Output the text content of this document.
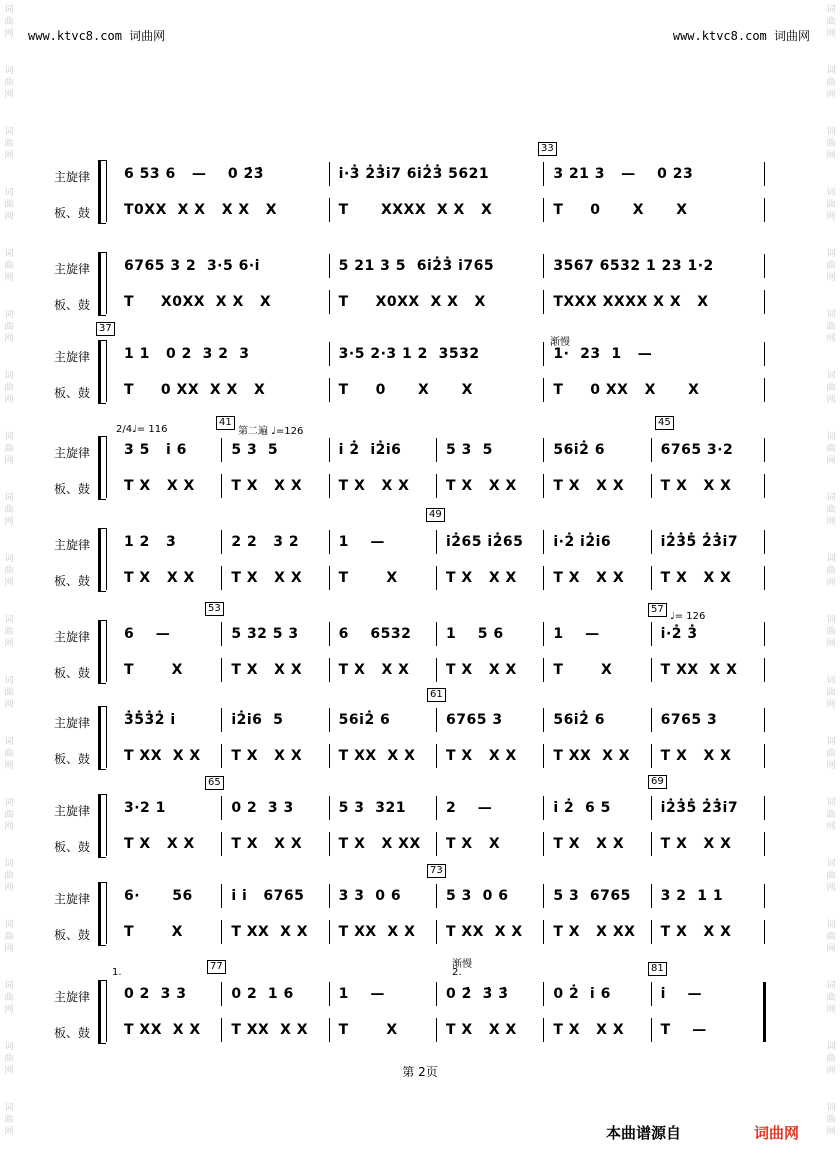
www.ktvc8.com 词曲网	www.ktvc8.com 词曲网
词
曲
网
词
曲
网
词
曲
网
词
曲
网
词
曲
网
词
曲
网
词
曲
网
词
曲
网
词
曲
网
词
曲
网
词
曲
网
词
曲
网
词
曲
网
词
曲
网
词
曲
网
词
曲
网
词
曲
网
词
曲
网
词
曲
网
词
曲
网
词
曲
网
词
曲
网
词
曲
网
词
曲
网
词
曲
网
词
曲
网
词
曲
网
词
曲
网
词
曲
网
词
曲
网
词
曲
网
词
曲
网
词
曲
网
词
曲
网
词
曲
网
词
曲
网
词
曲
网
词
曲
网
主旋律
板、鼓
6 53 6   —    0 2̇3̇
T0XX  X X   X X   X
i̇·3̇ 2̇3̇i̇7 6i̇2̇3̇ 5621
T      XXXX  X X   X
3 21 3   —    0 23
T     0      X      X
33
主旋律
板、鼓
6765 3 2  3·5 6·i̇
T     X0XX  X X   X
5 21 3 5  6i̇2̇3̇ i̇765
T     X0XX  X X   X
3567 6532 1 23 1·2
TXXX XXXX X X   X
主旋律
板、鼓
1 1   0 2  3 2  3
T     0 XX  X X   X
3·5 2·3 1 2  3532
T     0      X      X
1·  23  1   —
T     0 XX   X      X
37
主旋律
板、鼓
3 5   i̇ 6
T X   X X
5 3  5
T X   X X
i̇ 2̇  i̇2̇i̇6
T X   X X
5 3  5
T X   X X
56i̇2̇ 6
T X   X X
6765 3·2
T X   X X
41
主旋律
板、鼓
1 2   3
T X   X X
2 2   3 2
T X   X X
1    —
T       X
i̇2̇65 i̇2̇65
T X   X X
i̇·2̇ i̇2̇i̇6
T X   X X
i̇2̇3̇5̇ 2̇3̇i̇7
T X   X X
49
主旋律
板、鼓
6    —
T       X
5 32 5 3
T X   X X
6    6532
T X   X X
1    5 6
T X   X X
1    —
T       X
i̇·2̇ 3̇
T XX  X X
53
主旋律
板、鼓
3̇5̇3̇2̇ i̇
T XX  X X
i̇2̇i̇6  5
T X   X X
56i̇2̇ 6
T XX  X X
6765 3
T X   X X
56i̇2̇ 6
T XX  X X
6765 3
T X   X X
61
主旋律
板、鼓
3·2 1
T X   X X
0 2  3 3
T X   X X
5 3  321
T X   X XX
2    —
T X   X
i̇ 2̇  6 5
T X   X X
i̇2̇3̇5̇ 2̇3̇i̇7
T X   X X
65
主旋律
板、鼓
6·      56
T       X
i̇ i̇   6765
T XX  X X
3 3  0 6
T XX  X X
5 3  0 6
T XX  X X
5 3  6765
T X   X XX
3 2  1 1
T X   X X
73
主旋律
板、鼓
0 2  3 3
T XX  X X
0 2  1 6
T XX  X X
1    —
T       X
0 2̇  3̇ 3̇
T X   X X
0 2̇  i̇ 6
T X   X X
i̇    —
T    —
77
第 2页
本曲谱源自	词曲网
2/4♩= 116	第二遍 ♩=126
45
渐慢
57
♩= 126
69
渐慢
1.	2.	81
